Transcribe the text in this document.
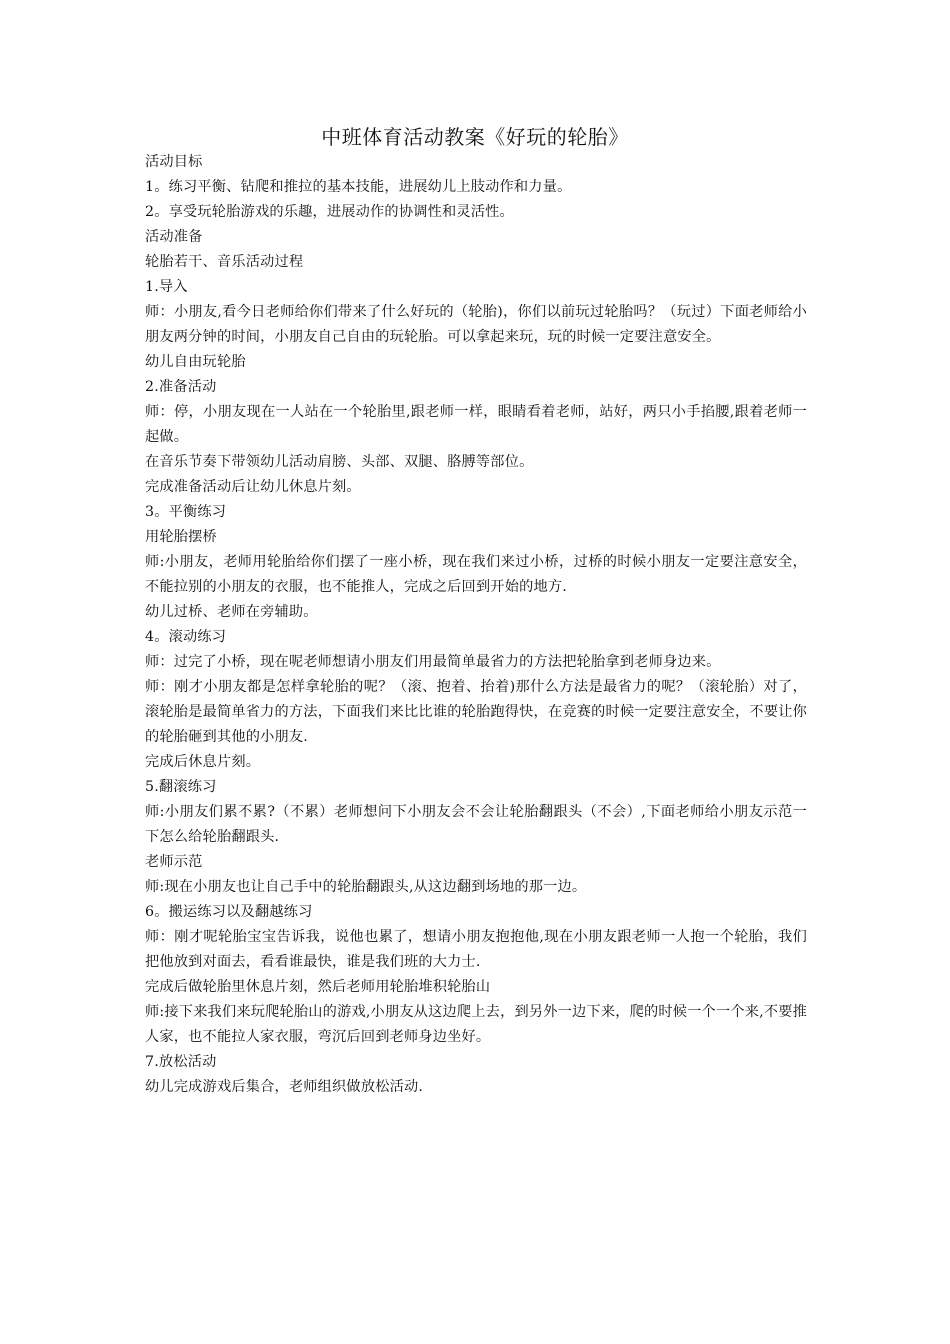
中班体育活动教案《好玩的轮胎》

活动目标

1。练习平衡、钻爬和推拉的基本技能，进展幼儿上肢动作和力量。

2。享受玩轮胎游戏的乐趣，进展动作的协调性和灵活性。

活动准备

轮胎若干、音乐活动过程

1.导入

师：小朋友,看今日老师给你们带来了什么好玩的（轮胎)，你们以前玩过轮胎吗？（玩过）下面老师给小朋友两分钟的时间，小朋友自己自由的玩轮胎。可以拿起来玩，玩的时候一定要注意安全。

幼儿自由玩轮胎

2.准备活动

师：停，小朋友现在一人站在一个轮胎里,跟老师一样，眼睛看着老师，站好，两只小手掐腰,跟着老师一起做。

在音乐节奏下带领幼儿活动肩膀、头部、双腿、胳膊等部位。

完成准备活动后让幼儿休息片刻。

3。平衡练习

用轮胎摆桥

师:小朋友，老师用轮胎给你们摆了一座小桥，现在我们来过小桥，过桥的时候小朋友一定要注意安全，不能拉别的小朋友的衣服，也不能推人，完成之后回到开始的地方.

幼儿过桥、老师在旁辅助。

4。滚动练习

师：过完了小桥，现在呢老师想请小朋友们用最简单最省力的方法把轮胎拿到老师身边来。

师：刚才小朋友都是怎样拿轮胎的呢？（滚、抱着、抬着)那什么方法是最省力的呢？（滚轮胎）对了，滚轮胎是最简单省力的方法，下面我们来比比谁的轮胎跑得快，在竞赛的时候一定要注意安全，不要让你的轮胎砸到其他的小朋友.

完成后休息片刻。

5.翻滚练习

师:小朋友们累不累?（不累）老师想问下小朋友会不会让轮胎翻跟头（不会）,下面老师给小朋友示范一下怎么给轮胎翻跟头.

老师示范

师:现在小朋友也让自己手中的轮胎翻跟头,从这边翻到场地的那一边。

6。搬运练习以及翻越练习

师：刚才呢轮胎宝宝告诉我，说他也累了，想请小朋友抱抱他,现在小朋友跟老师一人抱一个轮胎，我们把他放到对面去，看看谁最快，谁是我们班的大力士.

完成后做轮胎里休息片刻，然后老师用轮胎堆积轮胎山

师:接下来我们来玩爬轮胎山的游戏,小朋友从这边爬上去，到另外一边下来，爬的时候一个一个来,不要推人家，也不能拉人家衣服，弯沉后回到老师身边坐好。

7.放松活动

幼儿完成游戏后集合，老师组织做放松活动.
